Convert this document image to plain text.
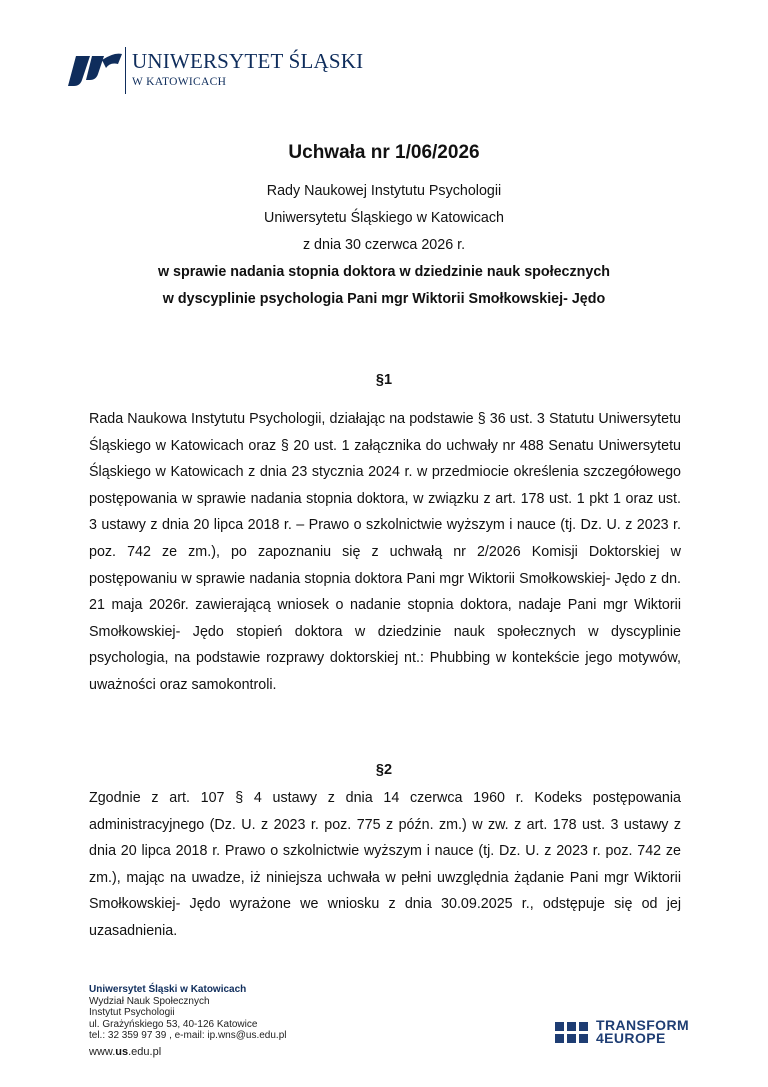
UNIWERSYTET ŚLĄSKI
W KATOWICACH
Uchwała nr 1/06/2026
Rady Naukowej Instytutu Psychologii
Uniwersytetu Śląskiego w Katowicach
z dnia 30 czerwca 2026 r.
w sprawie nadania stopnia doktora w dziedzinie nauk społecznych
w dyscyplinie psychologia Pani mgr Wiktorii Smołkowskiej- Jędo
§1

Rada Naukowa Instytutu Psychologii, działając na podstawie § 36 ust. 3 Statutu Uniwersytetu Śląskiego w Katowicach oraz § 20 ust. 1 załącznika do uchwały nr 488 Senatu Uniwersytetu Śląskiego w Katowicach z dnia 23 stycznia 2024 r. w przedmiocie określenia szczegółowego postępowania w sprawie nadania stopnia doktora, w związku z art. 178 ust. 1 pkt 1 oraz ust. 3 ustawy z dnia 20 lipca 2018 r. – Prawo o szkolnictwie wyższym i nauce (tj. Dz. U. z 2023 r. poz. 742 ze zm.), po zapoznaniu się z uchwałą nr 2/2026 Komisji Doktorskiej w postępowaniu w sprawie nadania stopnia doktora Pani mgr Wiktorii Smołkowskiej- Jędo z dn. 21 maja 2026r. zawierającą wniosek o nadanie stopnia doktora, nadaje Pani mgr Wiktorii Smołkowskiej- Jędo stopień doktora w dziedzinie nauk społecznych w dyscyplinie psychologia, na podstawie rozprawy doktorskiej nt.: Phubbing w kontekście jego motywów, uważności oraz samokontroli.

§2

Zgodnie z art. 107 § 4 ustawy z dnia 14 czerwca 1960 r. Kodeks postępowania administracyjnego (Dz. U. z 2023 r. poz. 775 z późn. zm.) w zw. z art. 178 ust. 3 ustawy z dnia 20 lipca 2018 r. Prawo o szkolnictwie wyższym i nauce (tj. Dz. U. z 2023 r. poz. 742 ze zm.), mając na uwadze, iż niniejsza uchwała w pełni uwzględnia żądanie Pani mgr Wiktorii Smołkowskiej- Jędo wyrażone we wniosku z dnia 30.09.2025 r., odstępuje się od jej uzasadnienia.

Uniwersytet Śląski w Katowicach
Wydział Nauk Społecznych
Instytut Psychologii
ul. Grażyńskiego 53, 40-126 Katowice
tel.: 32 359 97 39 , e-mail: ip.wns@us.edu.pl
www.us.edu.pl
TRANSFORM
4EUROPE
